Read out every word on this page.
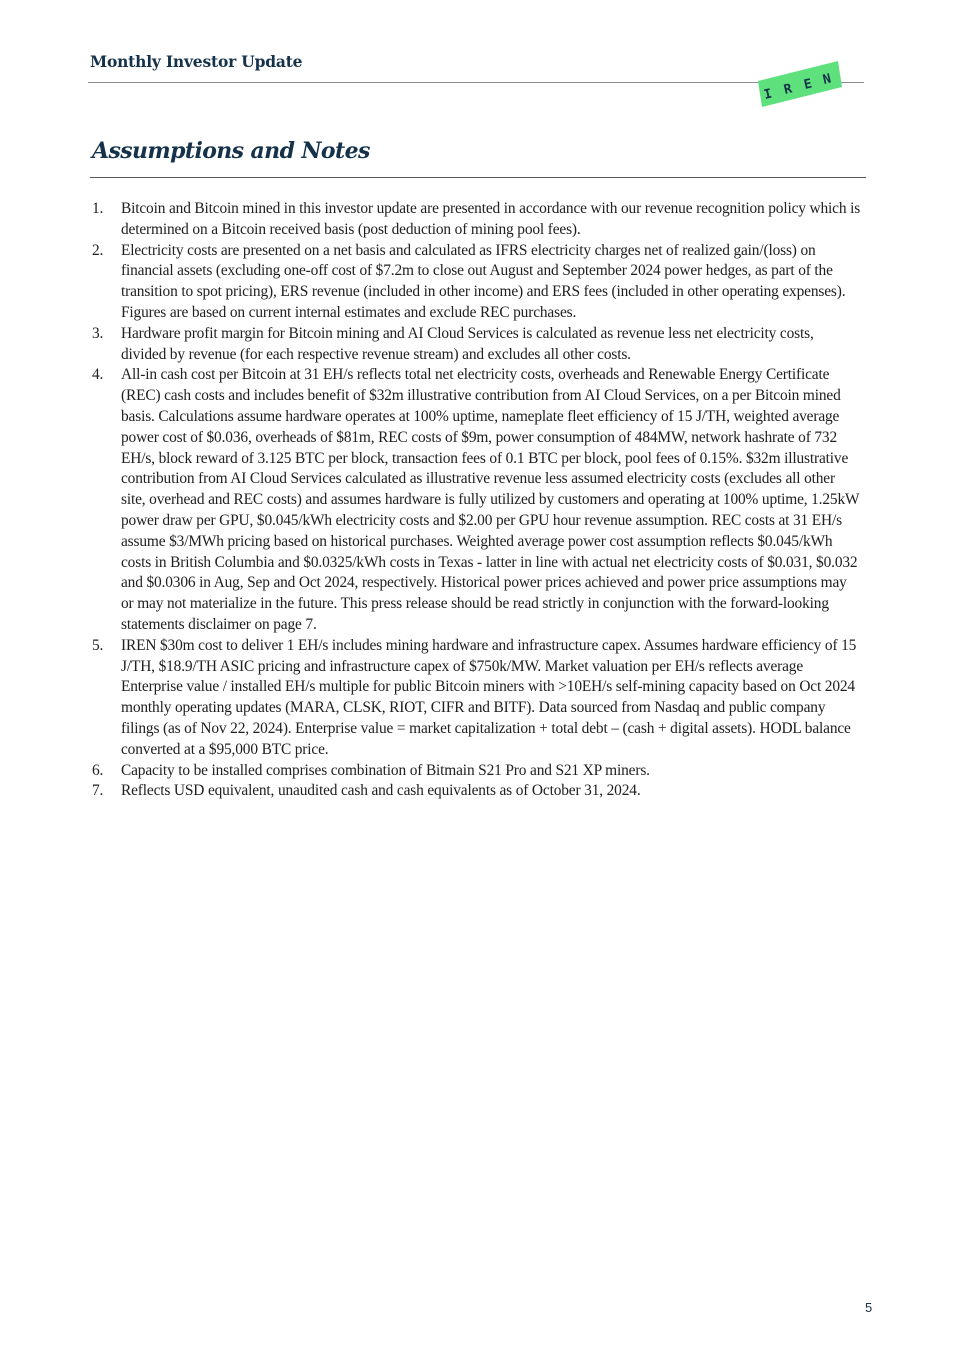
Monthly Investor Update
I R E N
Assumptions and Notes
1. Bitcoin and Bitcoin mined in this investor update are presented in accordance with our revenue recognition policy which is determined on a Bitcoin received basis (post deduction of mining pool fees).
2. Electricity costs are presented on a net basis and calculated as IFRS electricity charges net of realized gain/(loss) on financial assets (excluding one-off cost of $7.2m to close out August and September 2024 power hedges, as part of the transition to spot pricing), ERS revenue (included in other income) and ERS fees (included in other operating expenses). Figures are based on current internal estimates and exclude REC purchases.
3. Hardware profit margin for Bitcoin mining and AI Cloud Services is calculated as revenue less net electricity costs, divided by revenue (for each respective revenue stream) and excludes all other costs.
4. All-in cash cost per Bitcoin at 31 EH/s reflects total net electricity costs, overheads and Renewable Energy Certificate (REC) cash costs and includes benefit of $32m illustrative contribution from AI Cloud Services, on a per Bitcoin mined basis. Calculations assume hardware operates at 100% uptime, nameplate fleet efficiency of 15 J/TH, weighted average power cost of $0.036, overheads of $81m, REC costs of $9m, power consumption of 484MW, network hashrate of 732 EH/s, block reward of 3.125 BTC per block, transaction fees of 0.1 BTC per block, pool fees of 0.15%. $32m illustrative contribution from AI Cloud Services calculated as illustrative revenue less assumed electricity costs (excludes all other site, overhead and REC costs) and assumes hardware is fully utilized by customers and operating at 100% uptime, 1.25kW power draw per GPU, $0.045/kWh electricity costs and $2.00 per GPU hour revenue assumption. REC costs at 31 EH/s assume $3/MWh pricing based on historical purchases. Weighted average power cost assumption reflects $0.045/kWh costs in British Columbia and $0.0325/kWh costs in Texas - latter in line with actual net electricity costs of $0.031, $0.032 and $0.0306 in Aug, Sep and Oct 2024, respectively. Historical power prices achieved and power price assumptions may or may not materialize in the future. This press release should be read strictly in conjunction with the forward-looking statements disclaimer on page 7.
5. IREN $30m cost to deliver 1 EH/s includes mining hardware and infrastructure capex. Assumes hardware efficiency of 15 J/TH, $18.9/TH ASIC pricing and infrastructure capex of $750k/MW. Market valuation per EH/s reflects average Enterprise value / installed EH/s multiple for public Bitcoin miners with >10EH/s self-mining capacity based on Oct 2024 monthly operating updates (MARA, CLSK, RIOT, CIFR and BITF). Data sourced from Nasdaq and public company filings (as of Nov 22, 2024). Enterprise value = market capitalization + total debt – (cash + digital assets). HODL balance converted at a $95,000 BTC price.
6. Capacity to be installed comprises combination of Bitmain S21 Pro and S21 XP miners.
7. Reflects USD equivalent, unaudited cash and cash equivalents as of October 31, 2024.
5
